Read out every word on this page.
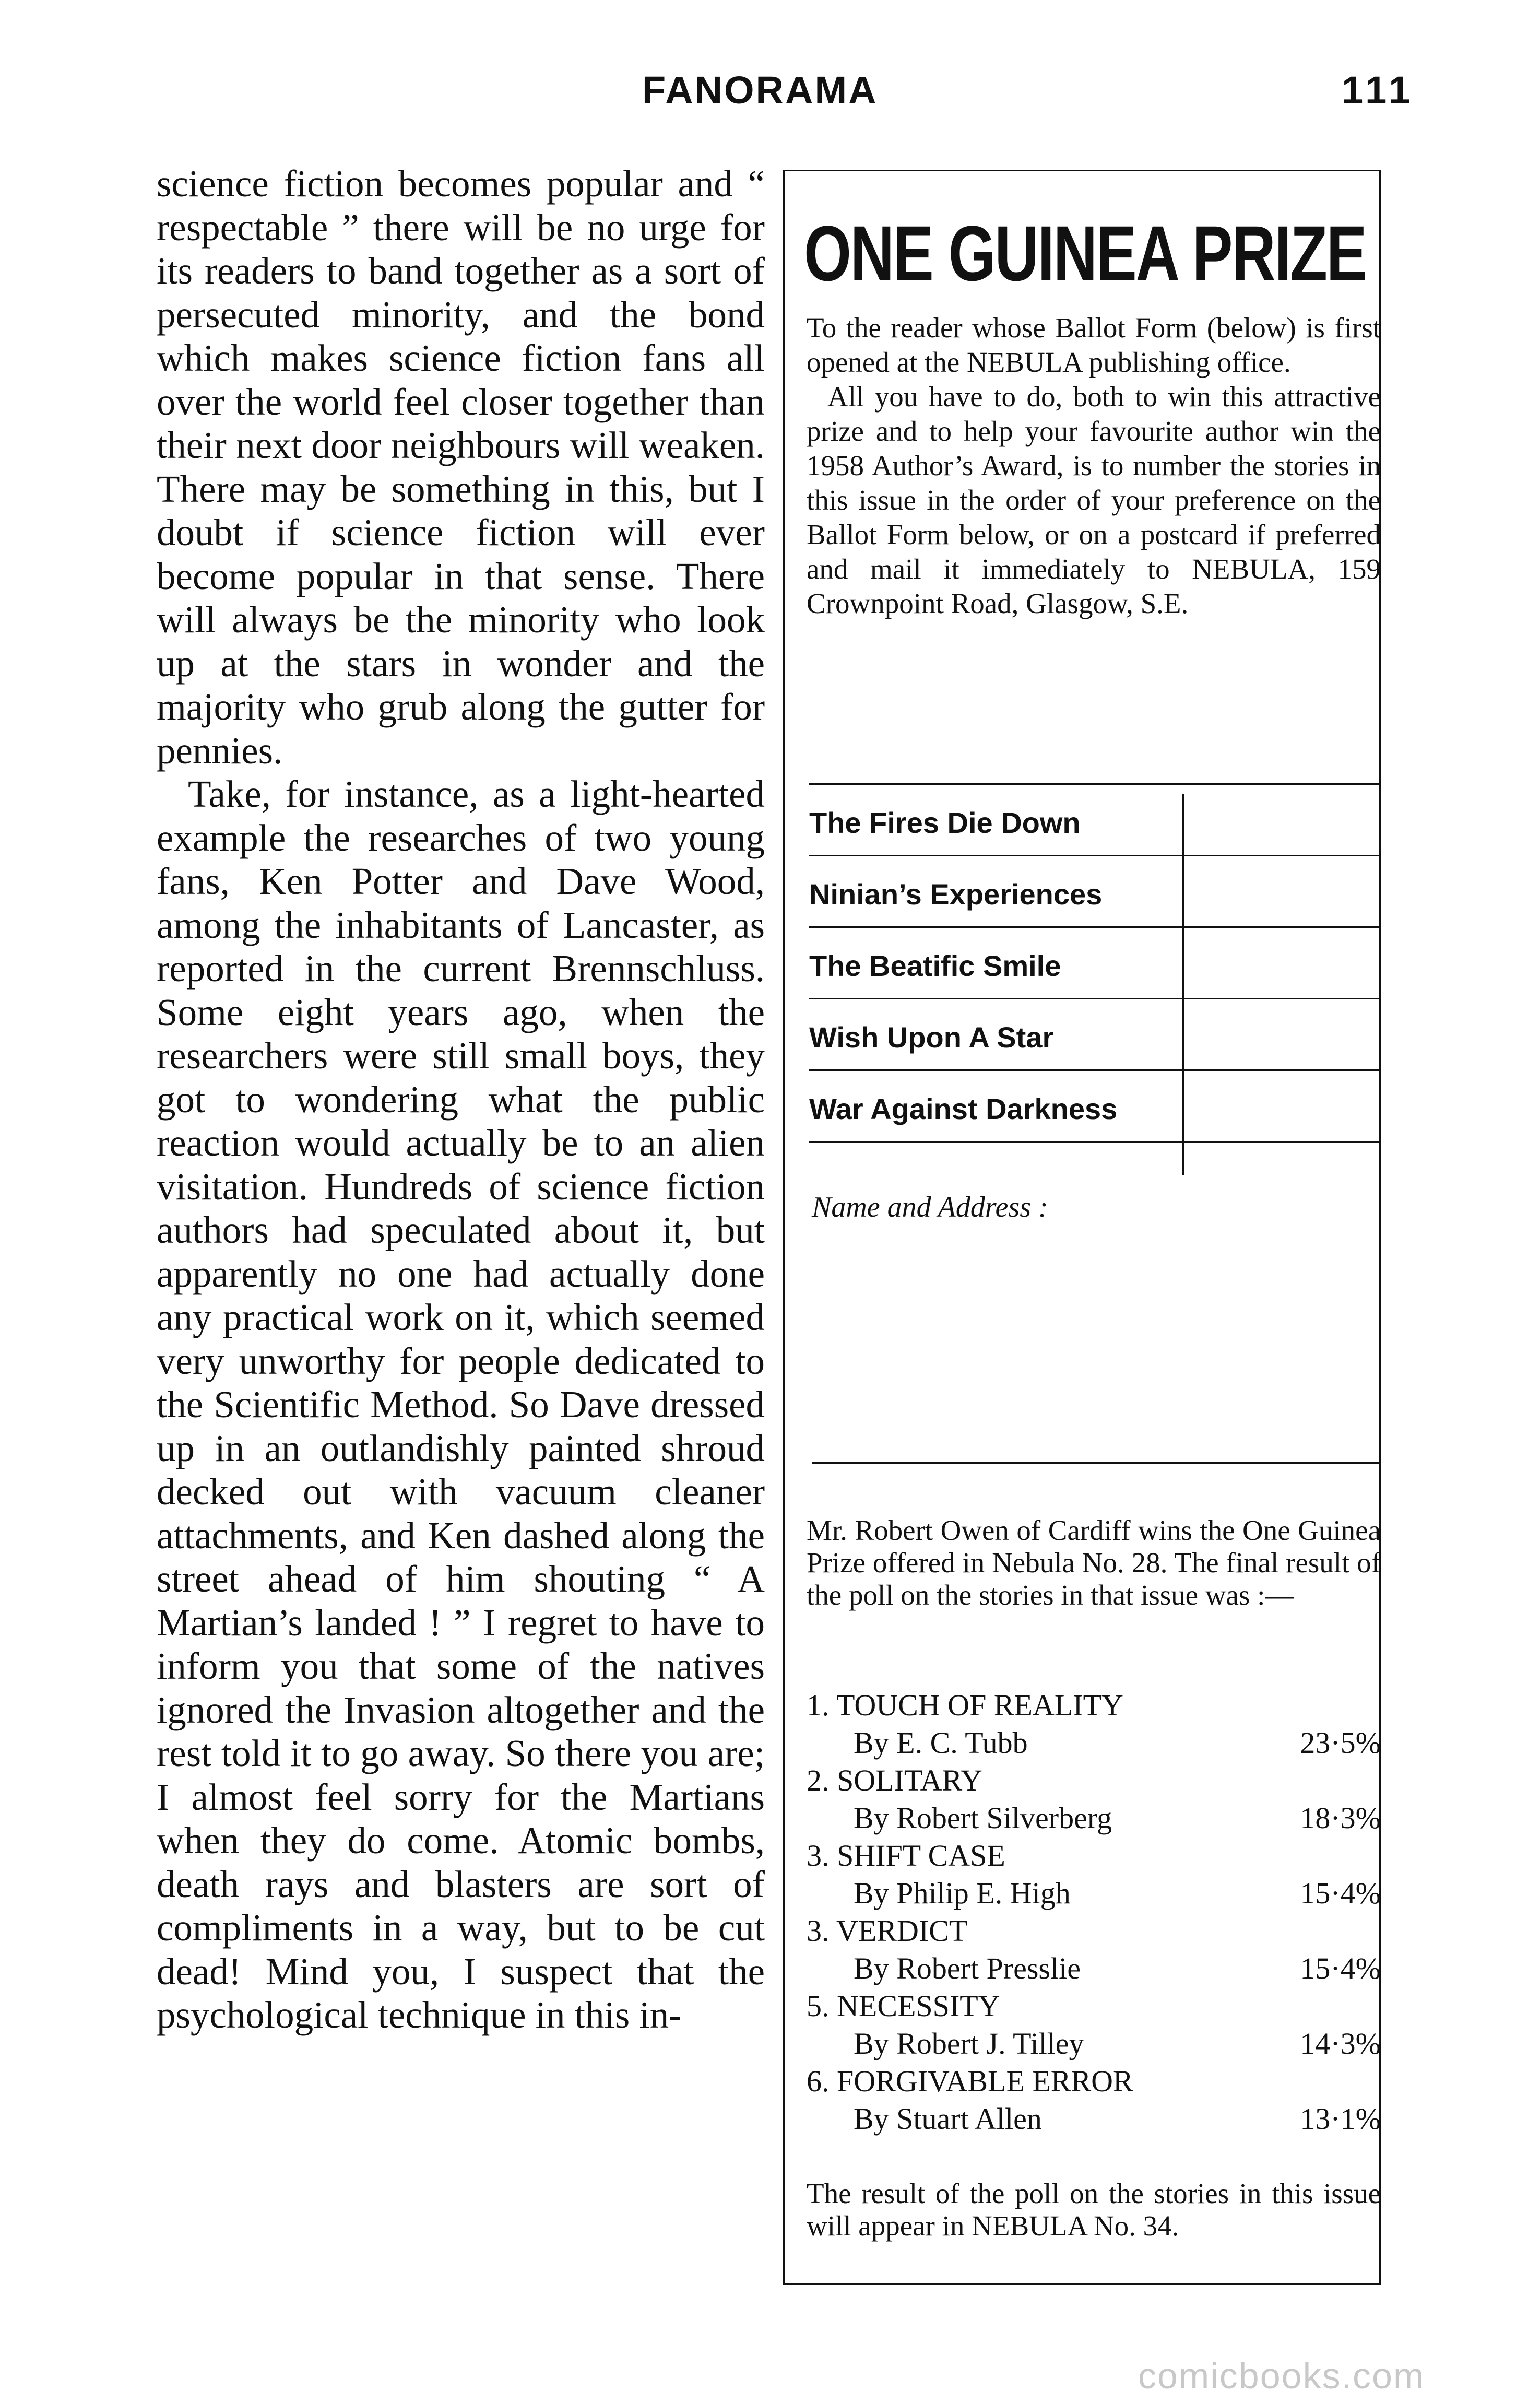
FANORAMA	111

science fiction becomes popular and “ respectable ” there will be no urge for its readers to band together as a sort of persecuted minority, and the bond which makes science fiction fans all over the world feel closer together than their next door neighbours will weaken. There may be something in this, but I doubt if science fiction will ever become popular in that sense. There will always be the minority who look up at the stars in wonder and the majority who grub along the gutter for pennies.

Take, for instance, as a light-hearted example the researches of two young fans, Ken Potter and Dave Wood, among the inhabitants of Lancaster, as reported in the current Brennschluss. Some eight years ago, when the researchers were still small boys, they got to wondering what the public reaction would actually be to an alien visitation. Hundreds of science fiction authors had speculated about it, but apparently no one had actually done any practical work on it, which seemed very unworthy for people dedicated to the Scientific Method. So Dave dressed up in an outlandishly painted shroud decked out with vacuum cleaner attachments, and Ken dashed along the street ahead of him shouting “ A Martian’s landed ! ” I regret to have to inform you that some of the natives ignored the Invasion altogether and the rest told it to go away. So there you are; I almost feel sorry for the Martians when they do come. Atomic bombs, death rays and blasters are sort of compliments in a way, but to be cut dead! Mind you, I suspect that the psychological technique in this in-

ONE GUINEA PRIZE

To the reader whose Ballot Form (below) is first opened at the NEBULA publishing office.

All you have to do, both to win this attractive prize and to help your favourite author win the 1958 Author’s Award, is to number the stories in this issue in the order of your preference on the Ballot Form below, or on a postcard if preferred and mail it immediately to NEBULA, 159 Crownpoint Road, Glasgow, S.E.

The Fires Die Down
Ninian’s Experiences
The Beatific Smile
Wish Upon A Star
War Against Darkness
Name and Address :

Mr. Robert Owen of Cardiff wins the One Guinea Prize offered in Nebula No. 28. The final result of the poll on the stories in that issue was :—

1. TOUCH OF REALITY
By E. C. Tubb	23·5%
2. SOLITARY
By Robert Silverberg	18·3%
3. SHIFT CASE
By Philip E. High	15·4%
3. VERDICT
By Robert Presslie	15·4%
5. NECESSITY
By Robert J. Tilley	14·3%
6. FORGIVABLE ERROR
By Stuart Allen	13·1%

The result of the poll on the stories in this issue will appear in NEBULA No. 34.

comicbooks.com
